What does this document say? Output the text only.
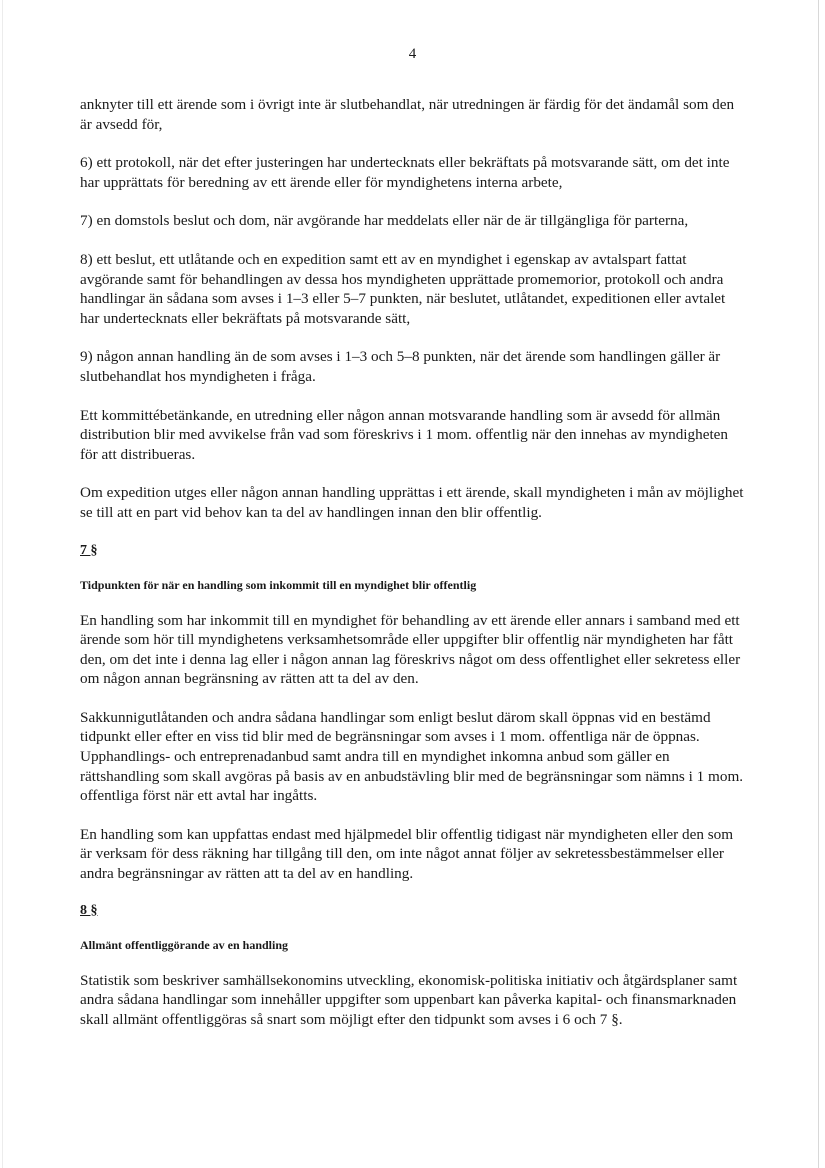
4

anknyter till ett ärende som i övrigt inte är slutbehandlat, när utredningen är färdig för det ändamål som den är avsedd för,

6) ett protokoll, när det efter justeringen har undertecknats eller bekräftats på motsvarande sätt, om det inte har upprättats för beredning av ett ärende eller för myndighetens interna arbete,

7) en domstols beslut och dom, när avgörande har meddelats eller när de är tillgängliga för parterna,

8) ett beslut, ett utlåtande och en expedition samt ett av en myndighet i egenskap av avtalspart fattat avgörande samt för behandlingen av dessa hos myndigheten upprättade promemorior, protokoll och andra handlingar än sådana som avses i 1–3 eller 5–7 punkten, när beslutet, utlåtandet, expeditionen eller avtalet har undertecknats eller bekräftats på motsvarande sätt,

9) någon annan handling än de som avses i 1–3 och 5–8 punkten, när det ärende som handlingen gäller är slutbehandlat hos myndigheten i fråga.

Ett kommittébetänkande, en utredning eller någon annan motsvarande handling som är avsedd för allmän distribution blir med avvikelse från vad som föreskrivs i 1 mom. offentlig när den innehas av myndigheten för att distribueras.

Om expedition utges eller någon annan handling upprättas i ett ärende, skall myndigheten i mån av möjlighet se till att en part vid behov kan ta del av handlingen innan den blir offentlig.

7 §

Tidpunkten för när en handling som inkommit till en myndighet blir offentlig

En handling som har inkommit till en myndighet för behandling av ett ärende eller annars i samband med ett ärende som hör till myndighetens verksamhetsområde eller uppgifter blir offentlig när myndigheten har fått den, om det inte i denna lag eller i någon annan lag föreskrivs något om dess offentlighet eller sekretess eller om någon annan begränsning av rätten att ta del av den.

Sakkunnigutlåtanden och andra sådana handlingar som enligt beslut därom skall öppnas vid en bestämd tidpunkt eller efter en viss tid blir med de begränsningar som avses i 1 mom. offentliga när de öppnas. Upphandlings- och entreprenadanbud samt andra till en myndighet inkomna anbud som gäller en rättshandling som skall avgöras på basis av en anbudstävling blir med de begränsningar som nämns i 1 mom. offentliga först när ett avtal har ingåtts.

En handling som kan uppfattas endast med hjälpmedel blir offentlig tidigast när myndigheten eller den som är verksam för dess räkning har tillgång till den, om inte något annat följer av sekretessbestämmelser eller andra begränsningar av rätten att ta del av en handling.

8 §

Allmänt offentliggörande av en handling

Statistik som beskriver samhällsekonomins utveckling, ekonomisk-politiska initiativ och åtgärdsplaner samt andra sådana handlingar som innehåller uppgifter som uppenbart kan påverka kapital- och finansmarknaden skall allmänt offentliggöras så snart som möjligt efter den tidpunkt som avses i 6 och 7 §.
